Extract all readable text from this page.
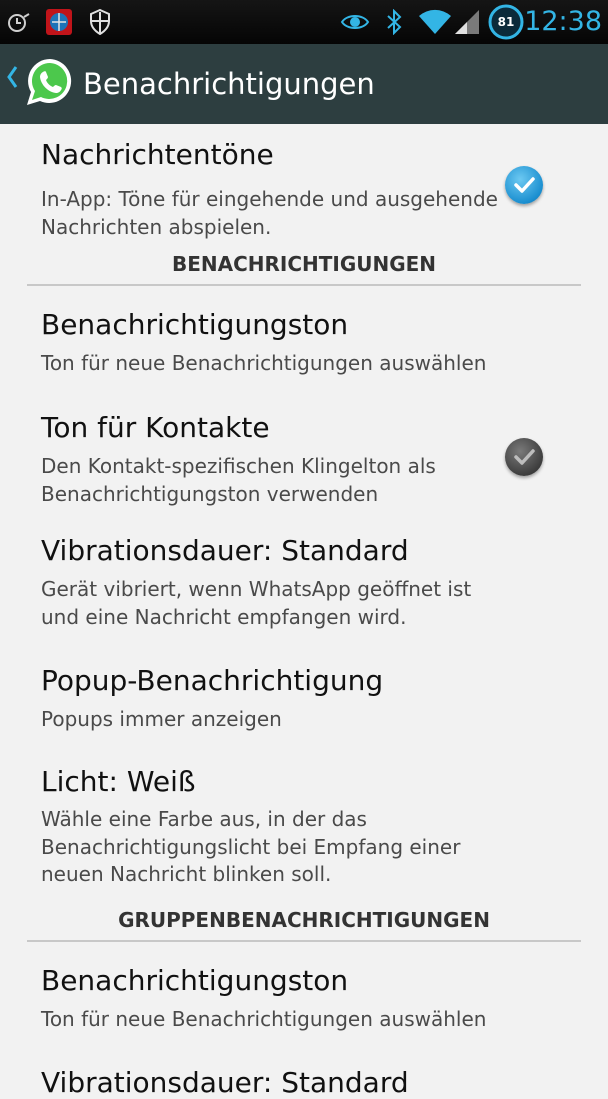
81 12:38
Benachrichtigungen
Nachrichtentöne
In-App: Töne für eingehende und ausgehende Nachrichten abspielen.
BENACHRICHTIGUNGEN
Benachrichtigungston
Ton für neue Benachrichtigungen auswählen
Ton für Kontakte
Den Kontakt-spezifischen Klingelton als Benachrichtigungston verwenden
Vibrationsdauer: Standard
Gerät vibriert, wenn WhatsApp geöffnet ist und eine Nachricht empfangen wird.
Popup-Benachrichtigung
Popups immer anzeigen
Licht: Weiß
Wähle eine Farbe aus, in der das Benachrichtigungslicht bei Empfang einer neuen Nachricht blinken soll.
GRUPPENBENACHRICHTIGUNGEN
Benachrichtigungston
Ton für neue Benachrichtigungen auswählen
Vibrationsdauer: Standard
